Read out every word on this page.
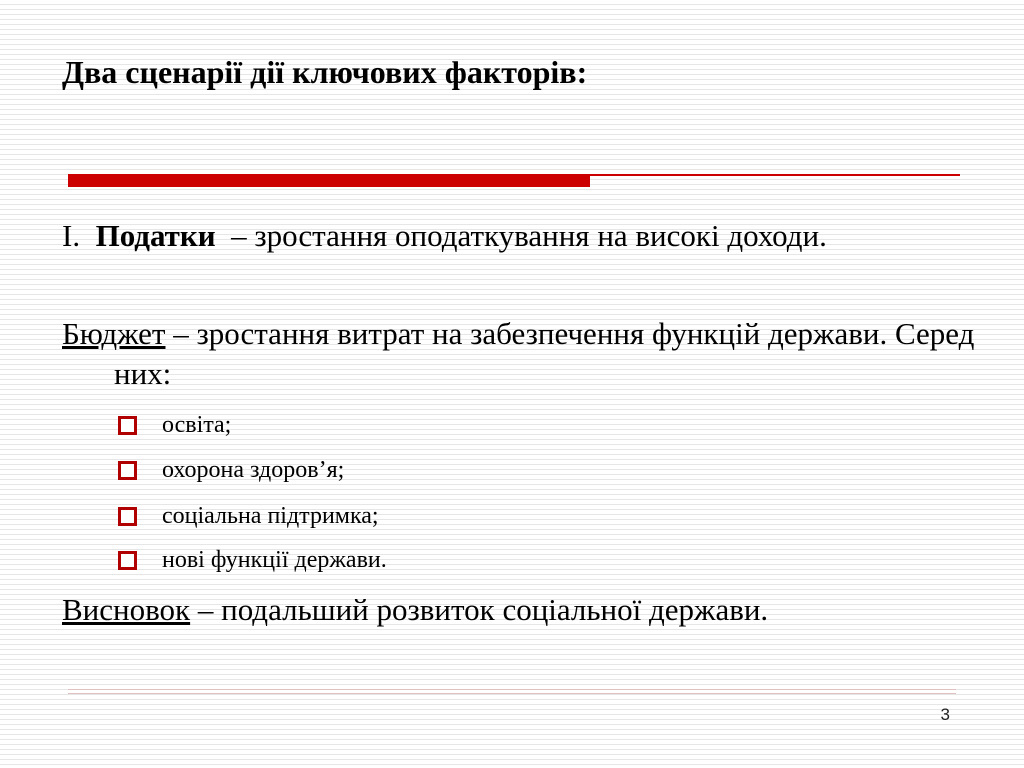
Два сценарії дії ключових факторів:
I. Податки  – зростання оподаткування на високі доходи.
Бюджет – зростання витрат на забезпечення функцій держави. Серед них:
освіта;
охорона здоров’я;
соціальна підтримка;
нові функції держави.
Висновок – подальший розвиток соціальної держави.
3
